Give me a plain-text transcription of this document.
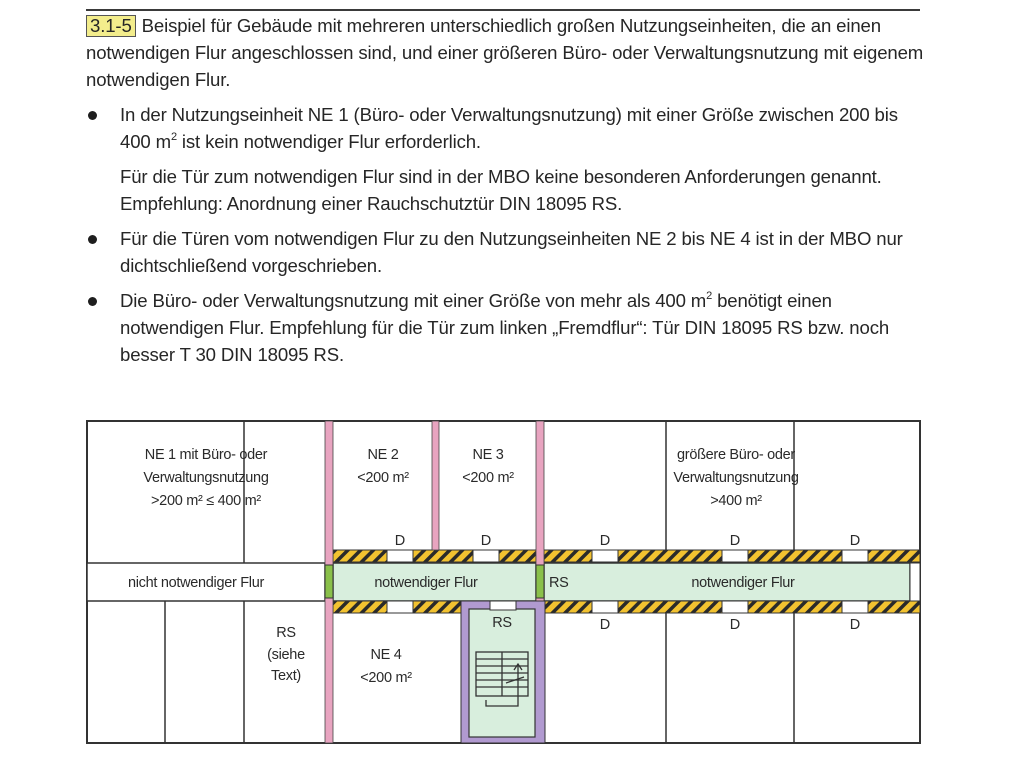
3.1-5 Beispiel für Gebäude mit mehreren unterschiedlich großen Nutzungseinheiten, die an einen notwendigen Flur angeschlossen sind, und einer größeren Büro- oder Verwaltungsnutzung mit eigenem notwendigen Flur.

In der Nutzungseinheit NE 1 (Büro- oder Verwaltungsnutzung) mit einer Größe zwischen 200 bis 400 $m^2$ ist kein notwendiger Flur erforderlich.
Für die Tür zum notwendigen Flur sind in der MBO keine besonderen Anforderungen genannt. Empfehlung: Anordnung einer Rauchschutztür DIN 18095 RS.
Für die Türen vom notwendigen Flur zu den Nutzungseinheiten NE 2 bis NE 4 ist in der MBO nur dichtschließend vorgeschrieben.
Die Büro- oder Verwaltungsnutzung mit einer Größe von mehr als 400 $m^2$ benötigt einen notwendigen Flur. Empfehlung für die Tür zum linken „Fremdflur“: Tür DIN 18095 RS bzw. noch besser T 30 DIN 18095 RS.
NE 1 mit Büro- oder
Verwaltungsnutzung
>200 m² ≤ 400 m²
NE 2
<200 m²
NE 3
<200 m²
größere Büro- oder
Verwaltungsnutzung
>400 m²
NE 4
<200 m²
nicht notwendiger Flur	notwendiger Flur	notwendiger Flur
RS
(siehe
Text)
RS
RS
D	D	D	D	D
D	D	D
